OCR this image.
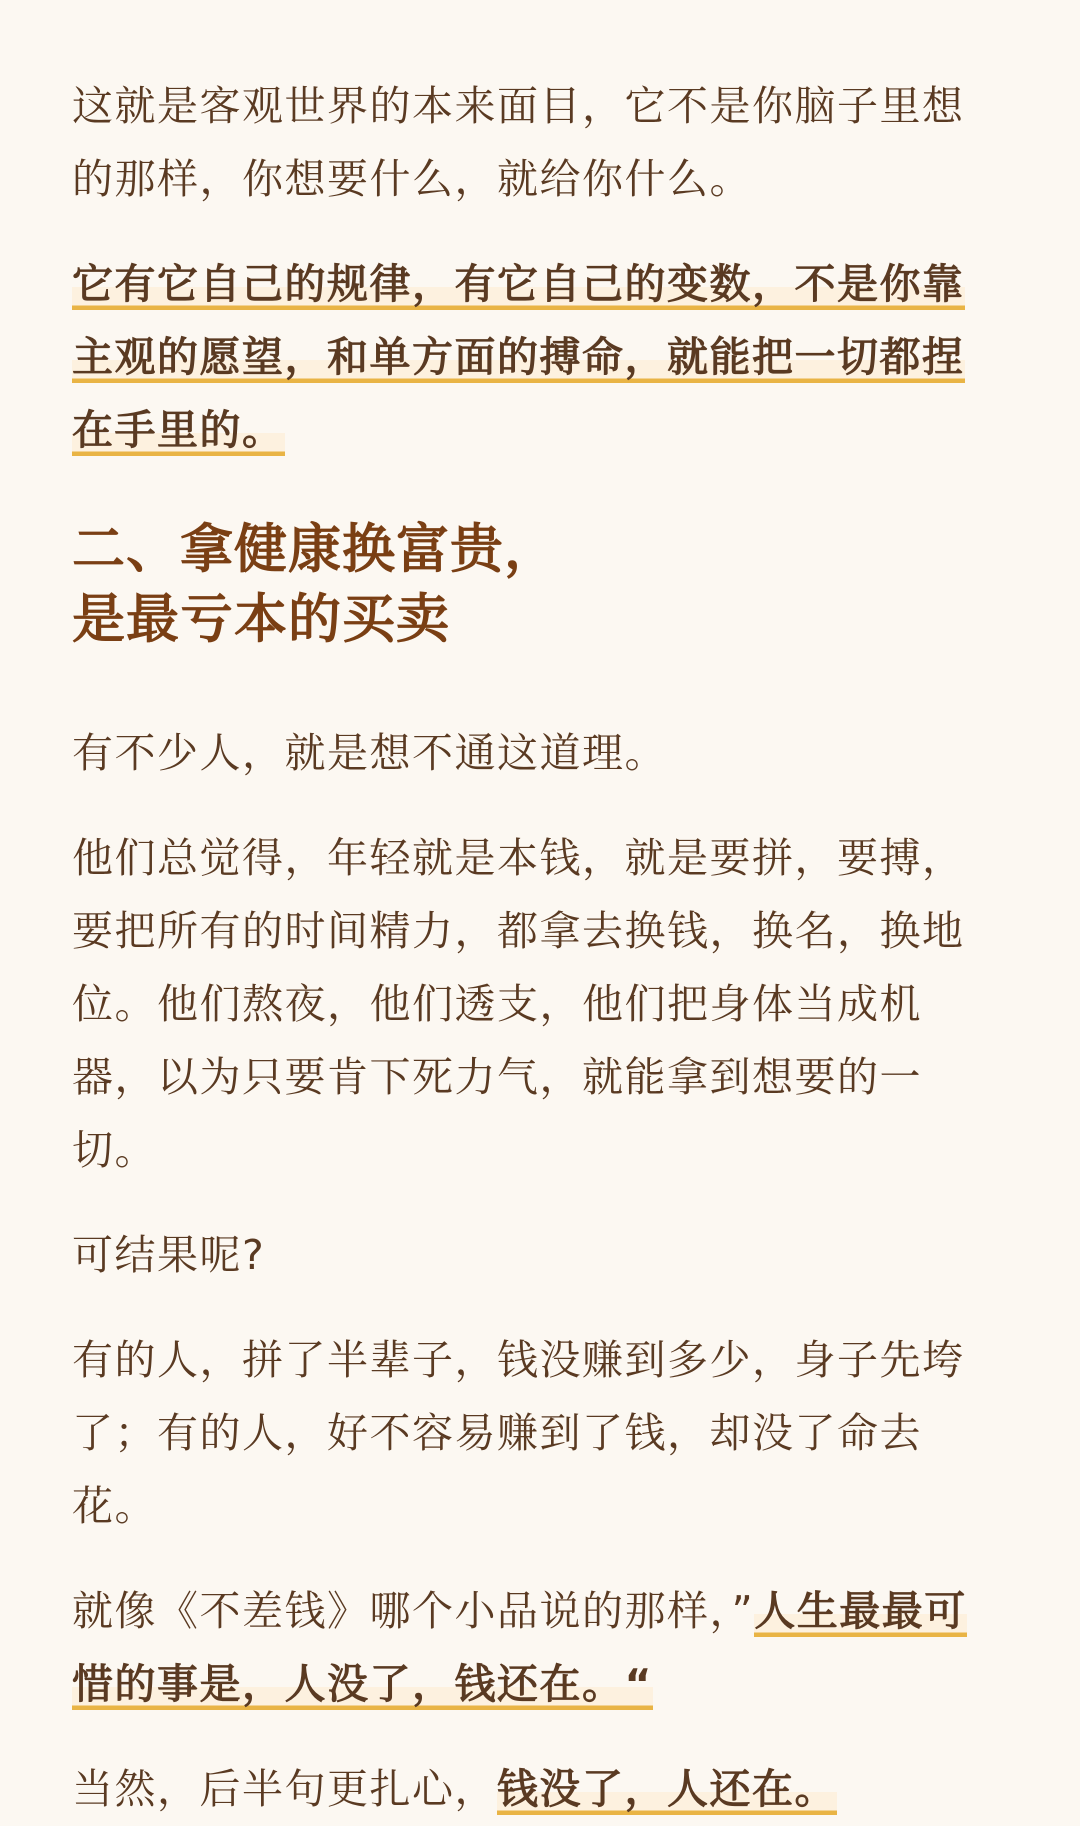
这就是客观世界的本来面目，它不是你脑子里想的那样，你想要什么，就给你什么。

它有它自己的规律，有它自己的变数，不是你靠主观的愿望，和单方面的搏命，就能把一切都捏在手里的。

二、拿健康换富贵，
是最亏本的买卖

有不少人，就是想不通这道理。

他们总觉得，年轻就是本钱，就是要拼，要搏，要把所有的时间精力，都拿去换钱，换名，换地位。他们熬夜，他们透支，他们把身体当成机器，以为只要肯下死力气，就能拿到想要的一切。

可结果呢?

有的人，拼了半辈子，钱没赚到多少，身子先垮了；有的人，好不容易赚到了钱，却没了命去花。

就像《不差钱》哪个小品说的那样，”人生最最可惜的事是，人没了，钱还在。“

当然，后半句更扎心，钱没了，人还在。
